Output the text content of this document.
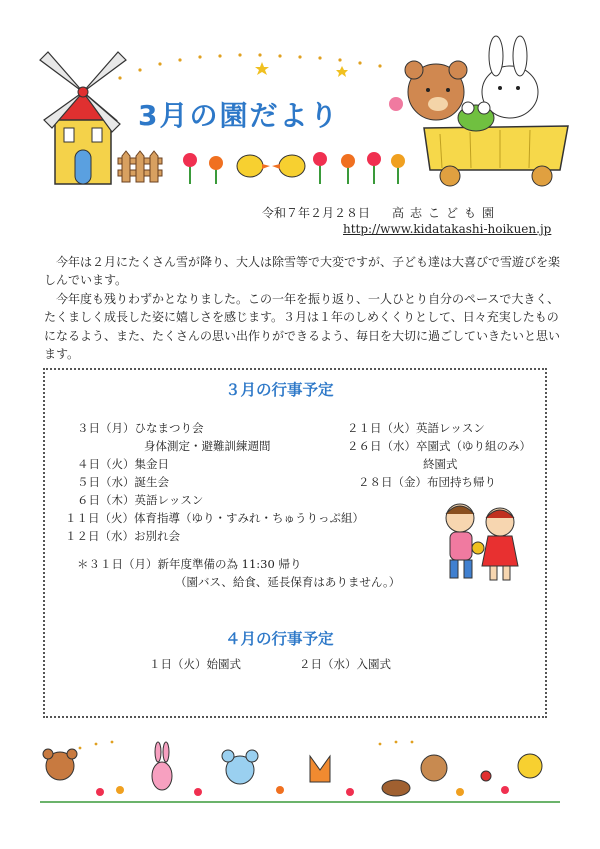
3月の園だより
令和７年２月２８日 高志こども園
http://www.kidatakashi-hoikuen.jp

今年は２月にたくさん雪が降り、大人は除雪等で大変ですが、子ども達は大喜びで雪遊びを楽しんでいます。

今年度も残りわずかとなりました。この一年を振り返り、一人ひとり自分のペースで大きく、たくましく成長した姿に嬉しさを感じます。３月は１年のしめくくりとして、日々充実したものになるよう、また、たくさんの思い出作りができるよう、毎日を大切に過ごしていきたいと思います。

３月の行事予定
３日（月）ひなまつり会
身体測定・避難訓練週間
４日（火）集金日
５日（水）誕生会
６日（木）英語レッスン
１１日（火）体育指導（ゆり・すみれ・ちゅうりっぷ組）
１２日（水）お別れ会
２１日（火）英語レッスン
２６日（水）卒園式（ゆり組のみ）
終園式
２８日（金）布団持ち帰り
＊３１日（月）新年度準備の為 11:30 帰り
（園バス、給食、延長保育はありません。）
４月の行事予定
１日（火）始園式	２日（水）入園式
